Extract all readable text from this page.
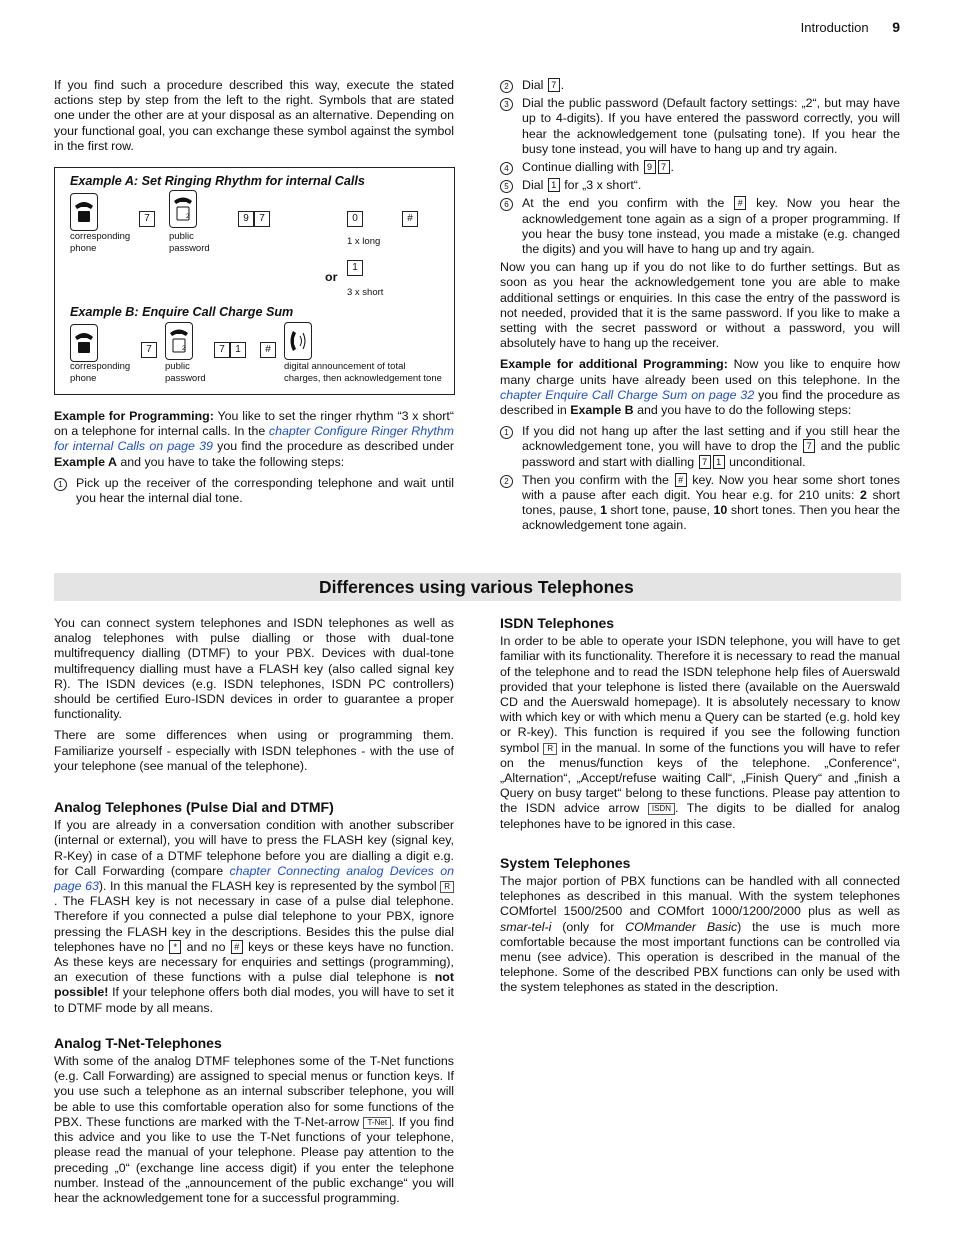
Introduction 9

If you find such a procedure described this way, execute the stated actions step by step from the left to the right. Symbols that are stated one under the other are at your disposal as an alternative. Depending on your functional goal, you can exchange these symbol against the symbol in the first row.

Example A: Set Ringing Rhythm for internal Calls
corresponding
phone
7	2
public
password
9	7	0	#
1 x long
or
1
3 x short
Example B: Enquire Call Charge Sum
corresponding
phone
7	2
public
password
7	1	#
digital announcement of total
charges, then acknowledgement tone

Example for Programming: You like to set the ringer rhythm “3 x short“ on a telephone for internal calls. In the chapter Configure Ringer Rhythm for internal Calls on page 39 you find the procedure as described under Example A and you have to take the following steps:

1	Pick up the receiver of the corresponding telephone and wait until you hear the internal dial tone.
2	Dial 7 .
3	Dial the public password (Default factory settings: „2“, but may have up to 4-digits). If you have entered the password correctly, you will hear the acknowledgement tone (pulsating tone). If you hear the busy tone instead, you will have to hang up and try again.
4	Continue dialling with 9 7 .
5	Dial 1 for „3 x short“.
6	At the end you confirm with the # key. Now you hear the acknowledgement tone again as a sign of a proper programming. If you hear the busy tone instead, you made a mistake (e.g. changed the digits) and you will have to hang up and try again.

Now you can hang up if you do not like to do further settings. But as soon as you hear the acknowledgement tone you are able to make additional settings or enquiries. In this case the entry of the password is not needed, provided that it is the same password. If you like to make a setting with the secret password or without a password, you will absolutely have to hang up the receiver.

Example for additional Programming: Now you like to enquire how many charge units have already been used on this telephone. In the chapter Enquire Call Charge Sum on page 32 you find the procedure as described in Example B and you have to do the following steps:

1	If you did not hang up after the last setting and if you still hear the acknowledgement tone, you will have to drop the 7 and the public password and start with dialling 7 1 unconditional.
2	Then you confirm with the # key. Now you hear some short tones with a pause after each digit. You hear e.g. for 210 units: 2 short tones, pause, 1 short tone, pause, 10 short tones. Then you hear the acknowledgement tone again.
Differences using various Telephones

You can connect system telephones and ISDN telephones as well as analog telephones with pulse dialling or those with dual-tone multifrequency dialling (DTMF) to your PBX. Devices with dual-tone multifrequency dialling must have a FLASH key (also called signal key R). The ISDN devices (e.g. ISDN telephones, ISDN PC controllers) should be certified Euro-ISDN devices in order to guarantee a proper functionality.

There are some differences when using or programming them. Familiarize yourself - especially with ISDN telephones - with the use of your telephone (see manual of the telephone).

Analog Telephones (Pulse Dial and DTMF)

If you are already in a conversation condition with another subscriber (internal or external), you will have to press the FLASH key (signal key, R-Key) in case of a DTMF telephone before you are dialling a digit e.g. for Call Forwarding (compare chapter Connecting analog Devices on page 63). In this manual the FLASH key is represented by the symbol R. The FLASH key is not necessary in case of a pulse dial telephone. Therefore if you connected a pulse dial telephone to your PBX, ignore pressing the FLASH key in the descriptions. Besides this the pulse dial telephones have no * and no # keys or these keys have no function. As these keys are necessary for enquiries and settings (programming), an execution of these functions with a pulse dial telephone is not possible! If your telephone offers both dial modes, you will have to set it to DTMF mode by all means.

Analog T-Net-Telephones

With some of the analog DTMF telephones some of the T-Net functions (e.g. Call Forwarding) are assigned to special menus or function keys. If you use such a telephone as an internal subscriber telephone, you will be able to use this comfortable operation also for some functions of the PBX. These functions are marked with the T-Net-arrow T-Net . If you find this advice and you like to use the T-Net functions of your telephone, please read the manual of your telephone. Please pay attention to the preceding „0“ (exchange line access digit) if you enter the telephone number. Instead of the „announcement of the public exchange“ you will hear the acknowledgement tone for a successful programming.

ISDN Telephones

In order to be able to operate your ISDN telephone, you will have to get familiar with its functionality. Therefore it is necessary to read the manual of the telephone and to read the ISDN telephone help files of Auerswald provided that your telephone is listed there (available on the Auerswald CD and the Auerswald homepage). It is absolutely necessary to know with which key or with which menu a Query can be started (e.g. hold key or R-key). This function is required if you see the following function symbol R in the manual. In some of the functions you will have to refer on the menus/function keys of the telephone. „Conference“, „Alternation“, „Accept/refuse waiting Call“, „Finish Query“ and „finish a Query on busy target“ belong to these functions. Please pay attention to the ISDN advice arrow ISDN . The digits to be dialled for analog telephones have to be ignored in this case.

System Telephones

The major portion of PBX functions can be handled with all connected telephones as described in this manual. With the system telephones COMfortel 1500/2500 and COMfort 1000/1200/2000 plus as well as smar-tel-i (only for COMmander Basic) the use is much more comfortable because the most important functions can be controlled via menu (see advice). This operation is described in the manual of the telephone. Some of the described PBX functions can only be used with the system telephones as stated in the description.
